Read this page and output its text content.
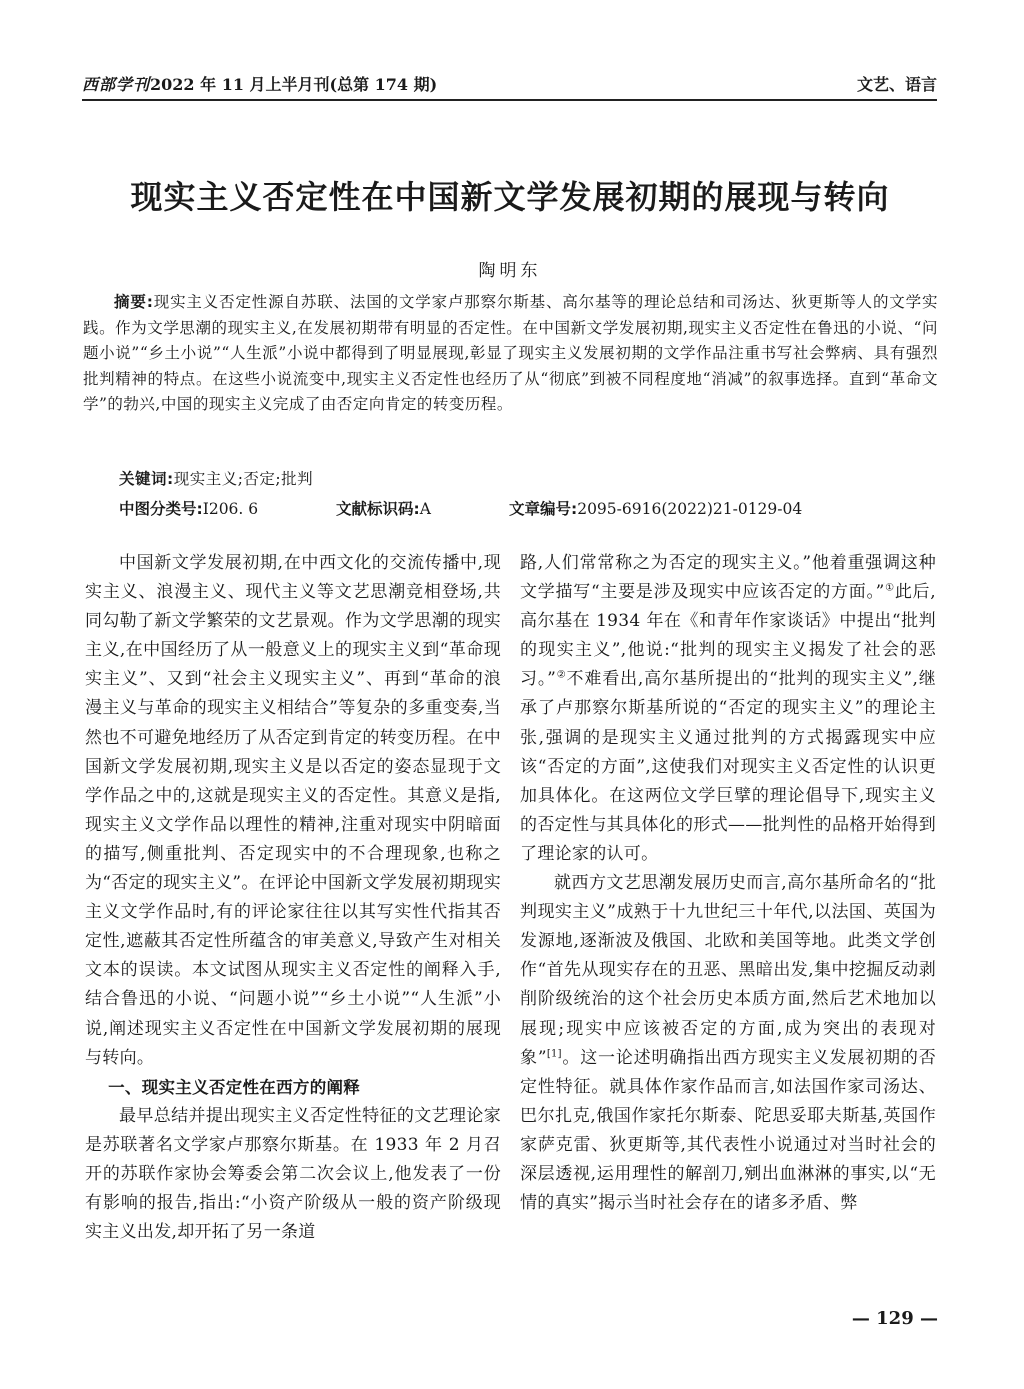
西部学刊2022 年 11 月上半月刊(总第 174 期)	文艺、语言
现实主义否定性在中国新文学发展初期的展现与转向
陶明东
摘要:现实主义否定性源自苏联、法国的文学家卢那察尔斯基、高尔基等的理论总结和司汤达、狄更斯等人的文学实践。作为文学思潮的现实主义,在发展初期带有明显的否定性。在中国新文学发展初期,现实主义否定性在鲁迅的小说、“问题小说”“乡土小说”“人生派”小说中都得到了明显展现,彰显了现实主义发展初期的文学作品注重书写社会弊病、具有强烈批判精神的特点。在这些小说流变中,现实主义否定性也经历了从“彻底”到被不同程度地“消减”的叙事选择。直到“革命文学”的勃兴,中国的现实主义完成了由否定向肯定的转变历程。
关键词:现实主义;否定;批判
中图分类号:I206. 6	文献标识码:A	文章编号:2095-6916(2022)21-0129-04

中国新文学发展初期,在中西文化的交流传播中,现实主义、浪漫主义、现代主义等文艺思潮竞相登场,共同勾勒了新文学繁荣的文艺景观。作为文学思潮的现实主义,在中国经历了从一般意义上的现实主义到“革命现实主义”、又到“社会主义现实主义”、再到“革命的浪漫主义与革命的现实主义相结合”等复杂的多重变奏,当然也不可避免地经历了从否定到肯定的转变历程。在中国新文学发展初期,现实主义是以否定的姿态显现于文学作品之中的,这就是现实主义的否定性。其意义是指,现实主义文学作品以理性的精神,注重对现实中阴暗面的描写,侧重批判、否定现实中的不合理现象,也称之为“否定的现实主义”。在评论中国新文学发展初期现实主义文学作品时,有的评论家往往以其写实性代指其否定性,遮蔽其否定性所蕴含的审美意义,导致产生对相关文本的误读。本文试图从现实主义否定性的阐释入手,结合鲁迅的小说、“问题小说”“乡土小说”“人生派”小说,阐述现实主义否定性在中国新文学发展初期的展现与转向。

一、现实主义否定性在西方的阐释

最早总结并提出现实主义否定性特征的文艺理论家是苏联著名文学家卢那察尔斯基。在 1933 年 2 月召开的苏联作家协会筹委会第二次会议上,他发表了一份有影响的报告,指出:“小资产阶级从一般的资产阶级现实主义出发,却开拓了另一条道

路,人们常常称之为否定的现实主义。”他着重强调这种文学描写“主要是涉及现实中应该否定的方面。”①此后,高尔基在 1934 年在《和青年作家谈话》中提出“批判的现实主义”,他说:“批判的现实主义揭发了社会的恶习。”②不难看出,高尔基所提出的“批判的现实主义”,继承了卢那察尔斯基所说的“否定的现实主义”的理论主张,强调的是现实主义通过批判的方式揭露现实中应该“否定的方面”,这使我们对现实主义否定性的认识更加具体化。在这两位文学巨擘的理论倡导下,现实主义的否定性与其具体化的形式——批判性的品格开始得到了理论家的认可。

就西方文艺思潮发展历史而言,高尔基所命名的“批判现实主义”成熟于十九世纪三十年代,以法国、英国为发源地,逐渐波及俄国、北欧和美国等地。此类文学创作“首先从现实存在的丑恶、黑暗出发,集中挖掘反动剥削阶级统治的这个社会历史本质方面,然后艺术地加以展现;现实中应该被否定的方面,成为突出的表现对象”[1]。这一论述明确指出西方现实主义发展初期的否定性特征。就具体作家作品而言,如法国作家司汤达、巴尔扎克,俄国作家托尔斯泰、陀思妥耶夫斯基,英国作家萨克雷、狄更斯等,其代表性小说通过对当时社会的深层透视,运用理性的解剖刀,剜出血淋淋的事实,以“无情的真实”揭示当时社会存在的诸多矛盾、弊

— 129 —
